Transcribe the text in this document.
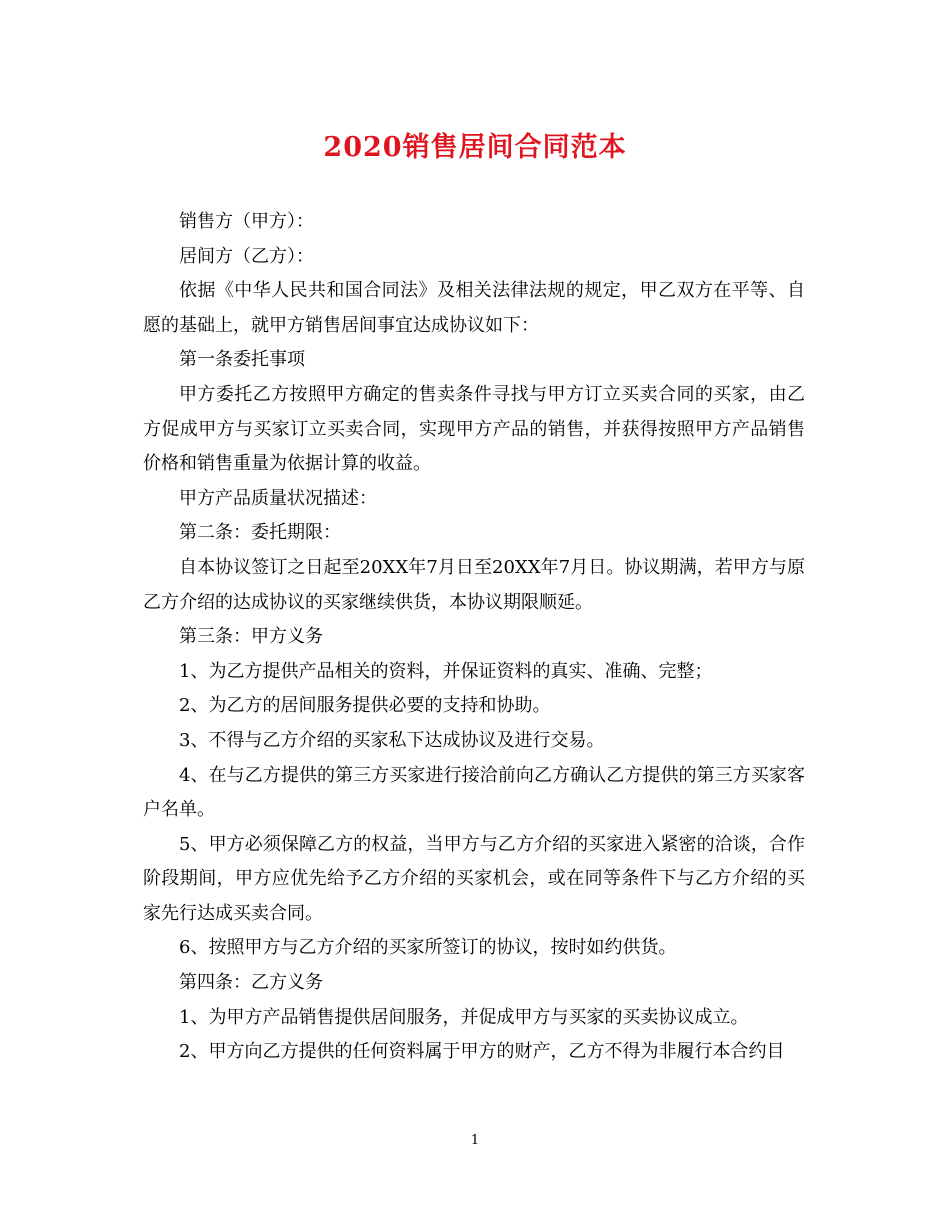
2020销售居间合同范本

销售方（甲方）：

居间方（乙方）：

依据《中华人民共和国合同法》及相关法律法规的规定，甲乙双方在平等、自愿的基础上，就甲方销售居间事宜达成协议如下：

第一条委托事项

甲方委托乙方按照甲方确定的售卖条件寻找与甲方订立买卖合同的买家，由乙方促成甲方与买家订立买卖合同，实现甲方产品的销售，并获得按照甲方产品销售价格和销售重量为依据计算的收益。

甲方产品质量状况描述：

第二条：委托期限：

自本协议签订之日起至20XX年7月日至20XX年7月日。协议期满，若甲方与原乙方介绍的达成协议的买家继续供货，本协议期限顺延。

第三条：甲方义务

1、为乙方提供产品相关的资料，并保证资料的真实、准确、完整；

2、为乙方的居间服务提供必要的支持和协助。

3、不得与乙方介绍的买家私下达成协议及进行交易。

4、在与乙方提供的第三方买家进行接洽前向乙方确认乙方提供的第三方买家客户名单。

5、甲方必须保障乙方的权益，当甲方与乙方介绍的买家进入紧密的洽谈，合作阶段期间，甲方应优先给予乙方介绍的买家机会，或在同等条件下与乙方介绍的买家先行达成买卖合同。

6、按照甲方与乙方介绍的买家所签订的协议，按时如约供货。

第四条：乙方义务

1、为甲方产品销售提供居间服务，并促成甲方与买家的买卖协议成立。

2、甲方向乙方提供的任何资料属于甲方的财产，乙方不得为非履行本合约目

1
